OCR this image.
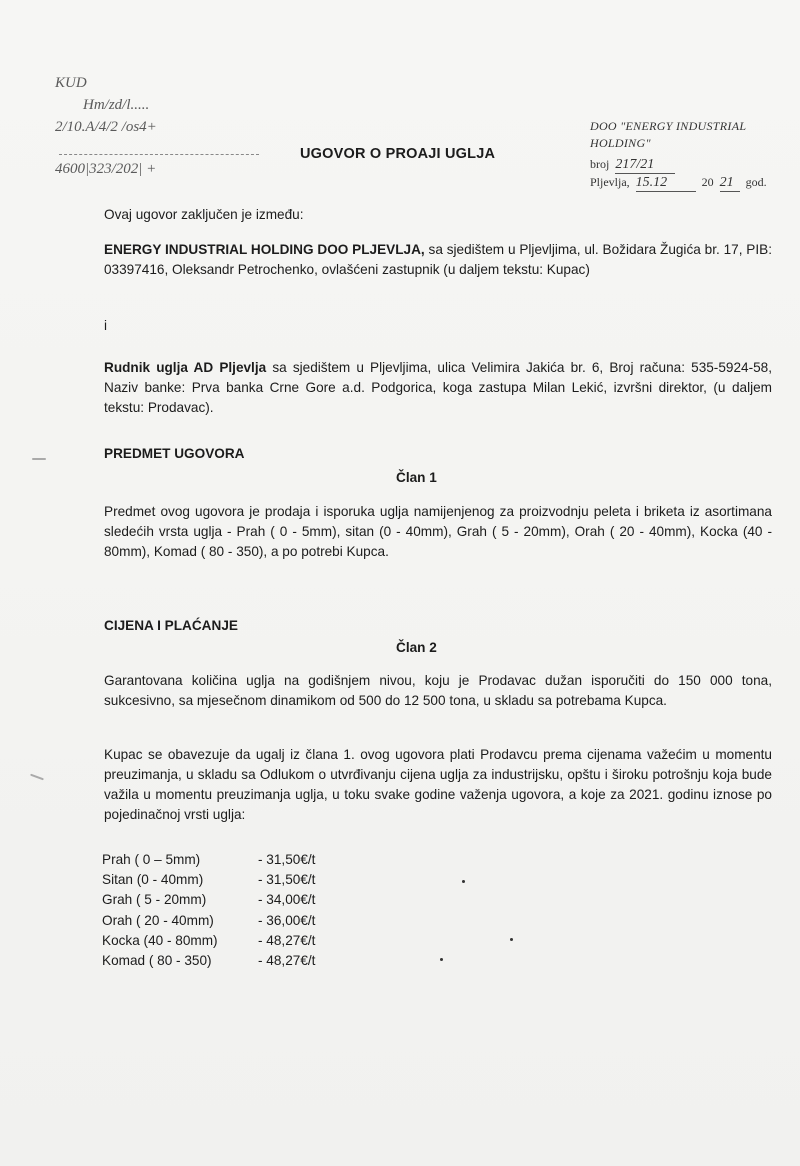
KUD
Hm/zd/l.....
2/10.A/4/2 /os4+
4600|323/202| +
UGOVOR O PROAJI UGLJA
DOO "ENERGY INDUSTRIAL HOLDING"
broj 217/21
Pljevlja, 15.12	20 21	god.
Ovaj ugovor zaključen je između:
ENERGY INDUSTRIAL HOLDING DOO PLJEVLJA, sa sjedištem u Pljevljima, ul. Božidara Žugića br. 17, PIB: 03397416, Oleksandr Petrochenko, ovlašćeni zastupnik (u daljem tekstu: Kupac)
i
Rudnik uglja AD Pljevlja sa sjedištem u Pljevljima, ulica Velimira Jakića br. 6, Broj računa: 535-5924-58, Naziv banke: Prva banka Crne Gore a.d. Podgorica, koga zastupa Milan Lekić, izvršni direktor, (u daljem tekstu: Prodavac).
PREDMET UGOVORA
Član 1
Predmet ovog ugovora je prodaja i isporuka uglja namijenjenog za proizvodnju peleta i briketa iz asortimana sledećih vrsta uglja - Prah ( 0 - 5mm), sitan (0 - 40mm), Grah ( 5 - 20mm), Orah ( 20 - 40mm), Kocka (40 - 80mm), Komad ( 80 - 350), a po potrebi Kupca.
CIJENA I PLAĆANJE
Član 2
Garantovana količina uglja na godišnjem nivou, koju je Prodavac dužan isporučiti do 150 000 tona, sukcesivno, sa mjesečnom dinamikom od 500 do 12 500 tona, u skladu sa potrebama Kupca.
Kupac se obavezuje da ugalj iz člana 1. ovog ugovora plati Prodavcu prema cijenama važećim u momentu preuzimanja, u skladu sa Odlukom o utvrđivanju cijena uglja za industrijsku, opštu i široku potrošnju koja bude važila u momentu preuzimanja uglja, u toku svake godine važenja ugovora, a koje za 2021. godinu iznose po pojedinačnoj vrsti uglja:
Prah ( 0 – 5mm)	- 31,50€/t
Sitan (0 - 40mm)	- 31,50€/t
Grah ( 5 - 20mm)	- 34,00€/t
Orah ( 20 - 40mm)	- 36,00€/t
Kocka (40 - 80mm)	- 48,27€/t
Komad ( 80 - 350)	- 48,27€/t
